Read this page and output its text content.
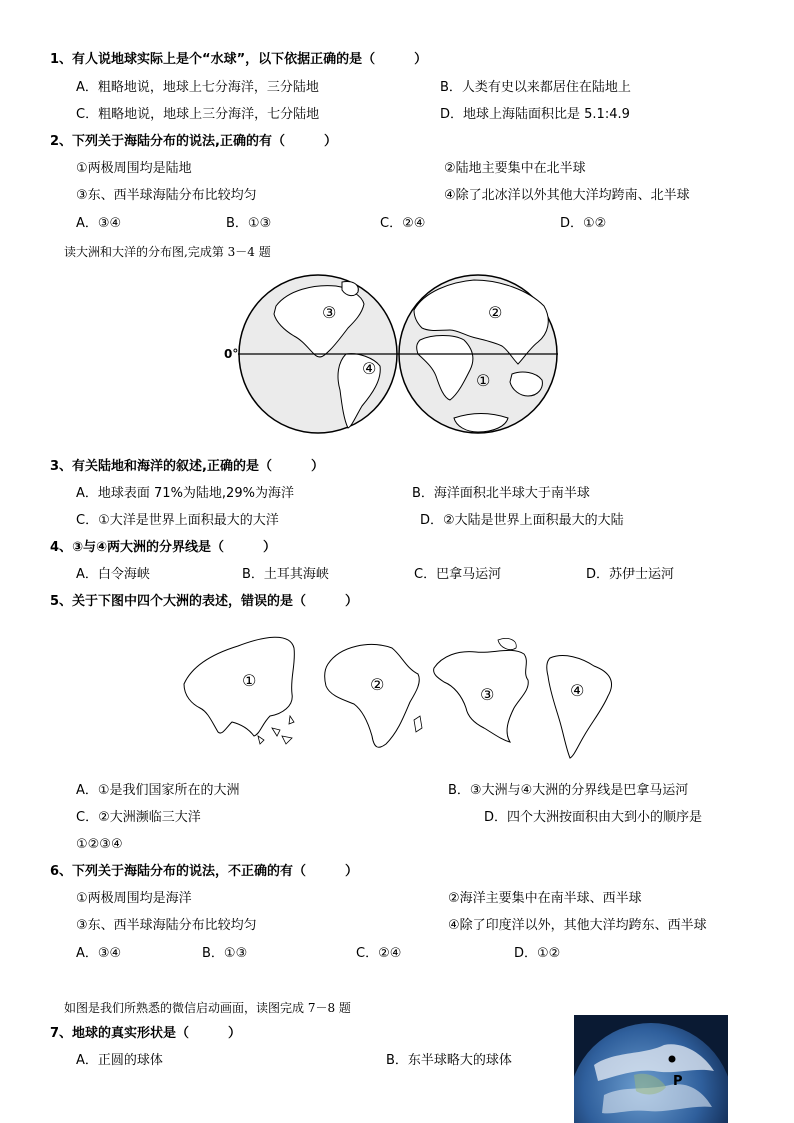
1、有人说地球实际上是个“水球”，以下依据正确的是（　　　）
A．粗略地说，地球上七分海洋，三分陆地	B．人类有史以来都居住在陆地上
C．粗略地说，地球上三分海洋，七分陆地	D．地球上海陆面积比是 5.1:4.9
2、下列关于海陆分布的说法,正确的有（　　　）
①两极周围均是陆地	②陆地主要集中在北半球
③东、西半球海陆分布比较均匀	④除了北冰洋以外其他大洋均跨南、北半球
A．③④	B．①③	C．②④	D．①②
读大洲和大洋的分布图,完成第 3－4 题
0°
③	②
④
①
3、有关陆地和海洋的叙述,正确的是（　　　）
A．地球表面 71%为陆地,29%为海洋	B．海洋面积北半球大于南半球
C．①大洋是世界上面积最大的大洋	D．②大陆是世界上面积最大的大陆
4、③与④两大洲的分界线是（　　　）
A．白令海峡	B．土耳其海峡	C．巴拿马运河	D．苏伊士运河
5、关于下图中四个大洲的表述，错误的是（　　　）
①	②
③	④
A．①是我们国家所在的大洲	B．③大洲与④大洲的分界线是巴拿马运河
C．②大洲濒临三大洋	D．四个大洲按面积由大到小的顺序是
①②③④
6、下列关于海陆分布的说法，不正确的有（　　　）
①两极周围均是海洋	②海洋主要集中在南半球、西半球
③东、西半球海陆分布比较均匀	④除了印度洋以外，其他大洋均跨东、西半球
A．③④	B．①③	C．②④	D．①②
如图是我们所熟悉的微信启动画面，读图完成 7－8 题
7、地球的真实形状是（　　　）
A．正圆的球体	B．东半球略大的球体
P
